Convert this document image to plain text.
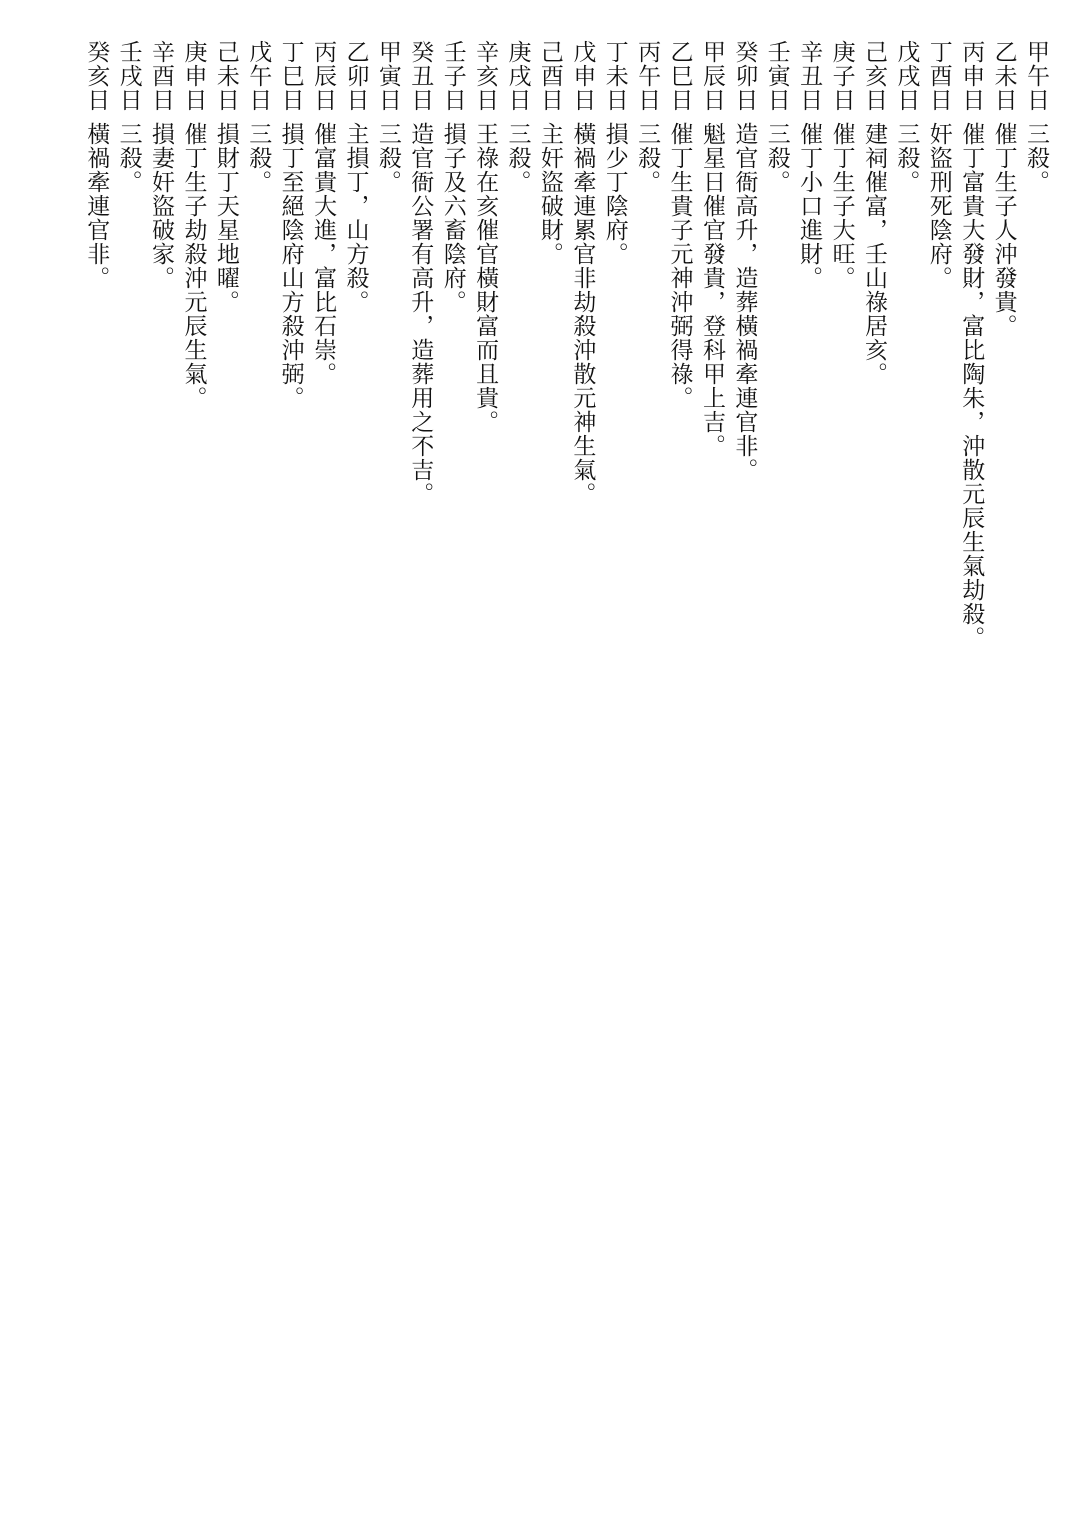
甲午日三殺。
乙未日催丁生子人沖發貴。
丙申日催丁富貴大發財，富比陶朱，沖散元辰生氣劫殺。
丁酉日奸盜刑死陰府。
戊戌日三殺。
己亥日建祠催富，壬山祿居亥。
庚子日催丁生子大旺。
辛丑日催丁小口進財。
壬寅日三殺。
癸卯日造官衙高升，造葬橫禍牽連官非。
甲辰日魁星日催官發貴，登科甲上吉。
乙巳日催丁生貴子元神沖弼得祿。
丙午日三殺。
丁未日損少丁陰府。
戊申日橫禍牽連累官非劫殺沖散元神生氣。
己酉日主奸盜破財。
庚戌日三殺。
辛亥日王祿在亥催官橫財富而且貴。
壬子日損子及六畜陰府。
癸丑日造官衙公署有高升，造葬用之不吉。
甲寅日三殺。
乙卯日主損丁，山方殺。
丙辰日催富貴大進，富比石崇。
丁巳日損丁至絕陰府山方殺沖弼。
戊午日三殺。
己未日損財丁天星地曜。
庚申日催丁生子劫殺沖元辰生氣。
辛酉日損妻奸盜破家。
壬戌日三殺。
癸亥日橫禍牽連官非。
